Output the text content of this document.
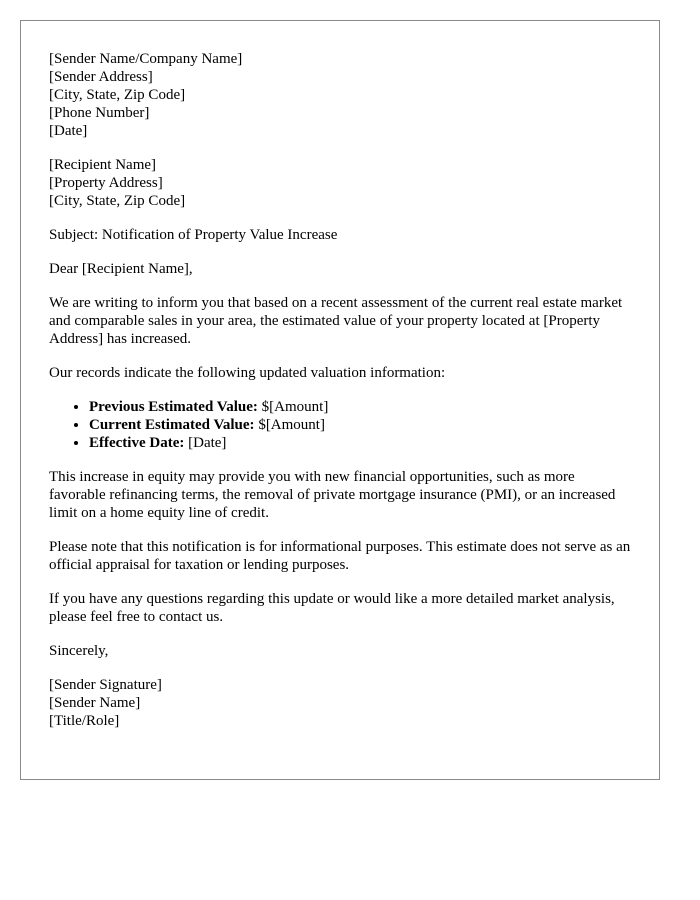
[Sender Name/Company Name]
[Sender Address]
[City, State, Zip Code]
[Phone Number]
[Date]
[Recipient Name]
[Property Address]
[City, State, Zip Code]

Subject: Notification of Property Value Increase

Dear [Recipient Name],

We are writing to inform you that based on a recent assessment of the current real estate market and comparable sales in your area, the estimated value of your property located at [Property Address] has increased.

Our records indicate the following updated valuation information:

• Previous Estimated Value: $[Amount]
• Current Estimated Value: $[Amount]
• Effective Date: [Date]

This increase in equity may provide you with new financial opportunities, such as more favorable refinancing terms, the removal of private mortgage insurance (PMI), or an increased limit on a home equity line of credit.

Please note that this notification is for informational purposes. This estimate does not serve as an official appraisal for taxation or lending purposes.

If you have any questions regarding this update or would like a more detailed market analysis, please feel free to contact us.

Sincerely,

[Sender Signature]
[Sender Name]
[Title/Role]
